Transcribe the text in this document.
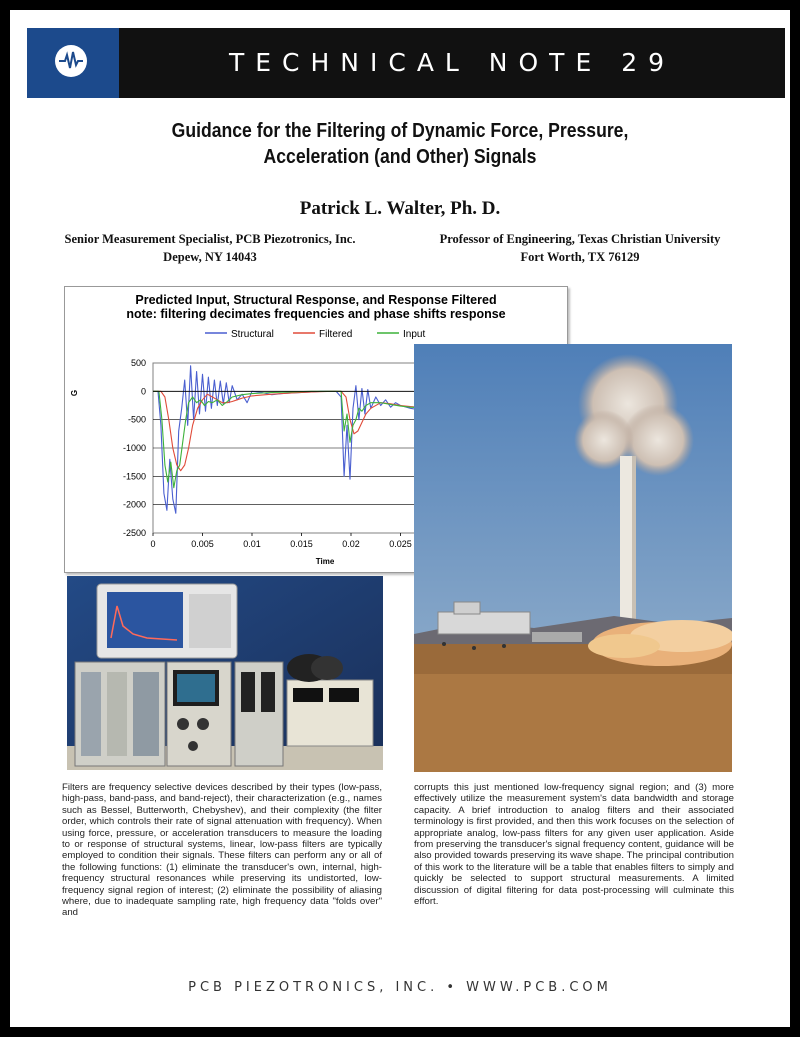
TECHNICAL NOTE 29
Guidance for the Filtering of Dynamic Force, Pressure,
Acceleration (and Other) Signals
Patrick L. Walter, Ph. D.
Senior Measurement Specialist, PCB Piezotronics, Inc.
Depew, NY 14043
Professor of Engineering, Texas Christian University
Fort Worth, TX 76129
Predicted Input, Structural Response, and Response Filtered
note: filtering decimates frequencies and phase shifts response
Structural	Filtered	Input
500
0
-500
-1000
-1500
-2000
-2500
0	0.005	0.01	0.015	0.02	0.025
G
Time
Filters are frequency selective devices described by their types (low-pass, high-pass, band-pass, and band-reject), their characterization (e.g., names such as Bessel, Butterworth, Chebyshev), and their complexity (the filter order, which controls their rate of signal attenuation with frequency). When using force, pressure, or acceleration transducers to measure the loading to or response of structural systems, linear, low-pass filters are typically employed to condition their signals. These filters can perform any or all of the following functions: (1) eliminate the transducer's own, internal, high-frequency structural resonances while preserving its undistorted, low-frequency signal region of interest; (2) eliminate the possibility of aliasing where, due to inadequate sampling rate, high frequency data "folds over" and
corrupts this just mentioned low-frequency signal region; and (3) more effectively utilize the measurement system's data bandwidth and storage capacity. A brief introduction to analog filters and their associated terminology is first provided, and then this work focuses on the selection of appropriate analog, low-pass filters for any given user application. Aside from preserving the transducer's signal frequency content, guidance will be also provided towards preserving its wave shape. The principal contribution of this work to the literature will be a table that enables filters to simply and quickly be selected to support structural measurements. A limited discussion of digital filtering for data post-processing will culminate this effort.
PCB PIEZOTRONICS, INC. • WWW.PCB.COM
